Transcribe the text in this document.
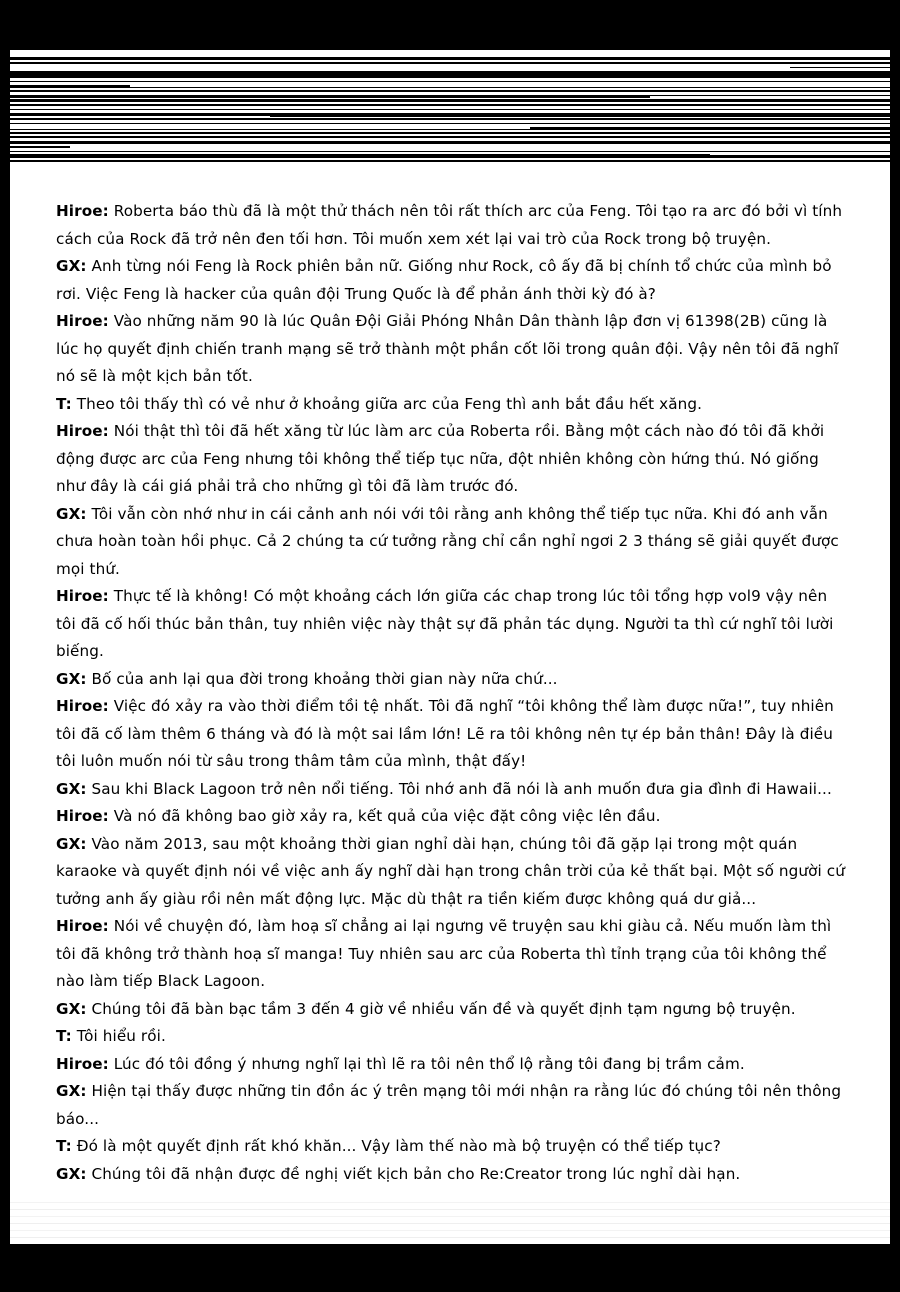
Hiroe: Roberta báo thù đã là một thử thách nên tôi rất thích arc của Feng. Tôi tạo ra arc đó bởi vì tính cách của Rock đã trở nên đen tối hơn. Tôi muốn xem xét lại vai trò của Rock trong bộ truyện.

GX: Anh từng nói Feng là Rock phiên bản nữ. Giống như Rock, cô ấy đã bị chính tổ chức của mình bỏ rơi. Việc Feng là hacker của quân đội Trung Quốc là để phản ánh thời kỳ đó à?

Hiroe: Vào những năm 90 là lúc Quân Đội Giải Phóng Nhân Dân thành lập đơn vị 61398(2B) cũng là lúc họ quyết định chiến tranh mạng sẽ trở thành một phần cốt lõi trong quân đội. Vậy nên tôi đã nghĩ nó sẽ là một kịch bản tốt.

T: Theo tôi thấy thì có vẻ như ở khoảng giữa arc của Feng thì anh bắt đầu hết xăng.

Hiroe: Nói thật thì tôi đã hết xăng từ lúc làm arc của Roberta rồi. Bằng một cách nào đó tôi đã khởi động được arc của Feng nhưng tôi không thể tiếp tục nữa, đột nhiên không còn hứng thú. Nó giống như đây là cái giá phải trả cho những gì tôi đã làm trước đó.

GX: Tôi vẫn còn nhớ như in cái cảnh anh nói với tôi rằng anh không thể tiếp tục nữa. Khi đó anh vẫn chưa hoàn toàn hồi phục. Cả 2 chúng ta cứ tưởng rằng chỉ cần nghỉ ngơi 2 3 tháng sẽ giải quyết được mọi thứ.

Hiroe: Thực tế là không! Có một khoảng cách lớn giữa các chap trong lúc tôi tổng hợp vol9 vậy nên tôi đã cố hối thúc bản thân, tuy nhiên việc này thật sự đã phản tác dụng. Người ta thì cứ nghĩ tôi lười biếng.

GX: Bố của anh lại qua đời trong khoảng thời gian này nữa chứ...

Hiroe: Việc đó xảy ra vào thời điểm tồi tệ nhất. Tôi đã nghĩ “tôi không thể làm được nữa!”, tuy nhiên tôi đã cố làm thêm 6 tháng và đó là một sai lầm lớn! Lẽ ra tôi không nên tự ép bản thân! Đây là điều tôi luôn muốn nói từ sâu trong thâm tâm của mình, thật đấy!

GX: Sau khi Black Lagoon trở nên nổi tiếng. Tôi nhớ anh đã nói là anh muốn đưa gia đình đi Hawaii...

Hiroe: Và nó đã không bao giờ xảy ra, kết quả của việc đặt công việc lên đầu.

GX: Vào năm 2013, sau một khoảng thời gian nghỉ dài hạn, chúng tôi đã gặp lại trong một quán karaoke và quyết định nói về việc anh ấy nghĩ dài hạn trong chân trời của kẻ thất bại. Một số người cứ tưởng anh ấy giàu rồi nên mất động lực. Mặc dù thật ra tiền kiếm được không quá dư giả...

Hiroe: Nói về chuyện đó, làm hoạ sĩ chẳng ai lại ngưng vẽ truyện sau khi giàu cả. Nếu muốn làm thì tôi đã không trở thành hoạ sĩ manga! Tuy nhiên sau arc của Roberta thì tỉnh trạng của tôi không thể nào làm tiếp Black Lagoon.

GX: Chúng tôi đã bàn bạc tầm 3 đến 4 giờ về nhiều vấn đề và quyết định tạm ngưng bộ truyện.

T: Tôi hiểu rồi.

Hiroe: Lúc đó tôi đồng ý nhưng nghĩ lại thì lẽ ra tôi nên thổ lộ rằng tôi đang bị trầm cảm.

GX: Hiện tại thấy được những tin đồn ác ý trên mạng tôi mới nhận ra rằng lúc đó chúng tôi nên thông báo...

T: Đó là một quyết định rất khó khăn... Vậy làm thế nào mà bộ truyện có thể tiếp tục?

GX: Chúng tôi đã nhận được đề nghị viết kịch bản cho Re:Creator trong lúc nghỉ dài hạn.
